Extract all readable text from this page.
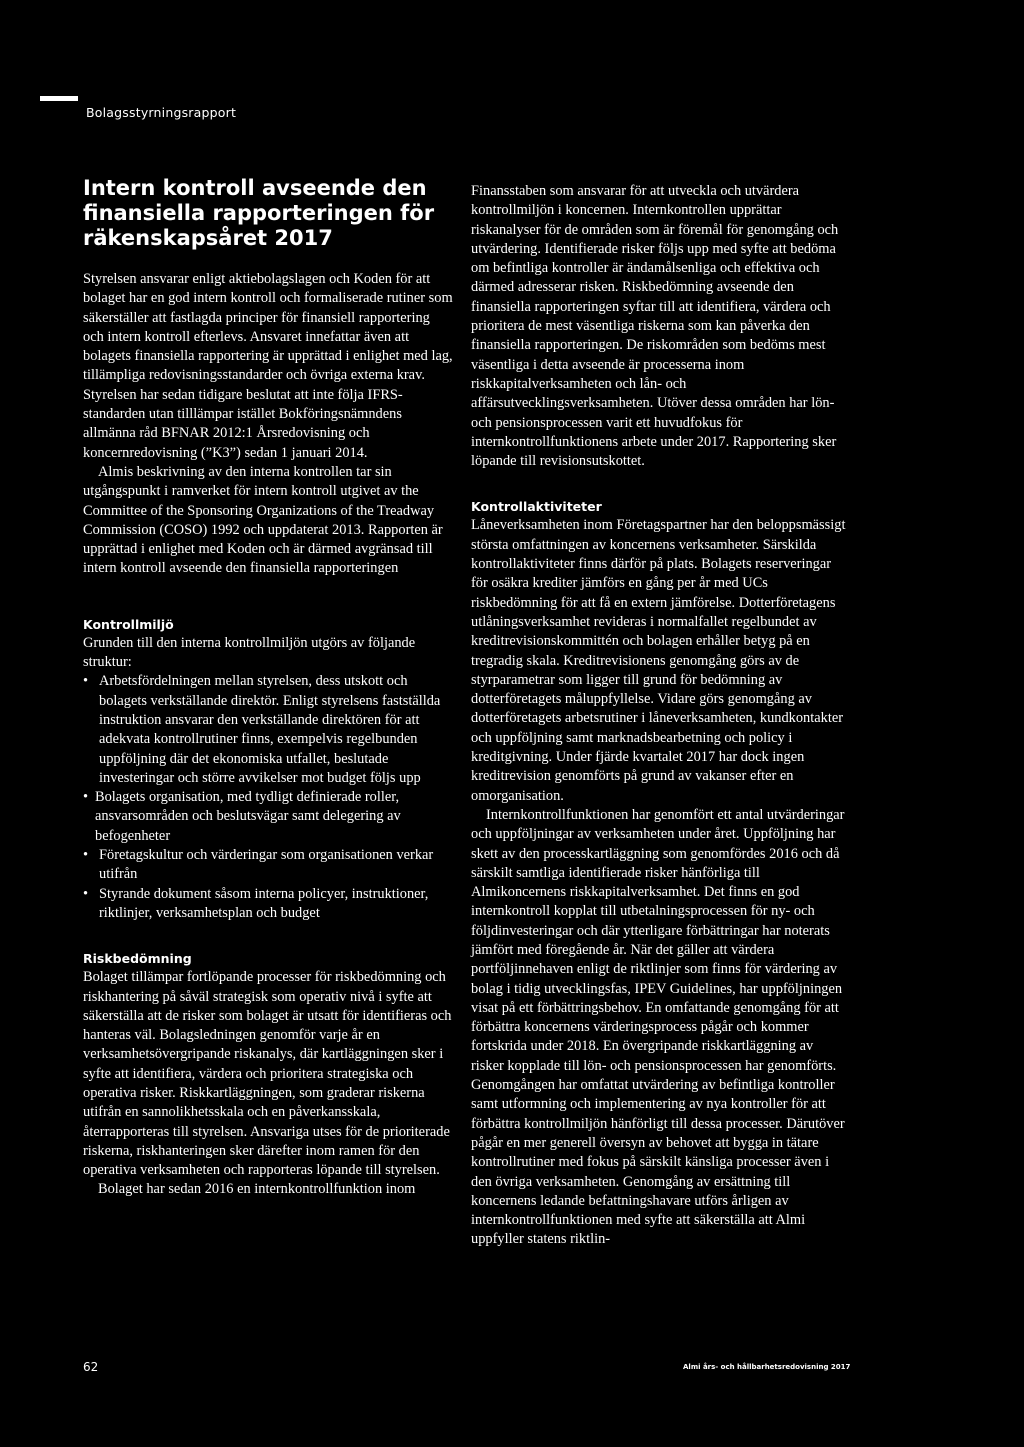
Bolagsstyrningsrapport
Intern kontroll avseende den finansiella rapporteringen för räkenskapsåret 2017

Styrelsen ansvarar enligt aktiebolagslagen och Koden för att bolaget har en god intern kontroll och formaliserade rutiner som säkerställer att fastlagda principer för finansiell rapportering och intern kontroll efterlevs. Ansvaret innefattar även att bolagets finansiella rapportering är upprättad i enlighet med lag, tillämpliga redovisningsstandarder och övriga externa krav. Styrelsen har sedan tidigare beslutat att inte följa IFRS-standarden utan tilllämpar istället Bokföringsnämndens allmänna råd BFNAR 2012:1 Årsredovisning och koncernredovisning (”K3”) sedan 1 januari 2014.

Almis beskrivning av den interna kontrollen tar sin utgångspunkt i ramverket för intern kontroll utgivet av the Committee of the Sponsoring Organizations of the Treadway Commission (COSO) 1992 och uppdaterat 2013. Rapporten är upprättad i enlighet med Koden och är därmed avgränsad till intern kontroll avseende den finansiella rapporteringen

Kontrollmiljö

Grunden till den interna kontrollmiljön utgörs av följande struktur:

• Arbetsfördelningen mellan styrelsen, dess utskott och bolagets verkställande direktör. Enligt styrelsens fastställda instruktion ansvarar den verkställande direktören för att adekvata kontrollrutiner finns, exempelvis regelbunden uppföljning där det ekonomiska utfallet, beslutade investeringar och större avvikelser mot budget följs upp
• Bolagets organisation, med tydligt definierade roller, ansvarsområden och beslutsvägar samt delegering av befogenheter
• Företagskultur och värderingar som organisationen verkar utifrån
• Styrande dokument såsom interna policyer, instruktioner, riktlinjer, verksamhetsplan och budget
Riskbedömning

Bolaget tillämpar fortlöpande processer för riskbedömning och riskhantering på såväl strategisk som operativ nivå i syfte att säkerställa att de risker som bolaget är utsatt för identifieras och hanteras väl. Bolagsledningen genomför varje år en verksamhetsövergripande riskanalys, där kartläggningen sker i syfte att identifiera, värdera och prioritera strategiska och operativa risker. Riskkartläggningen, som graderar riskerna utifrån en sannolikhetsskala och en påverkansskala, återrapporteras till styrelsen. Ansvariga utses för de prioriterade riskerna, riskhanteringen sker därefter inom ramen för den operativa verksamheten och rapporteras löpande till styrelsen.

Bolaget har sedan 2016 en internkontrollfunktion inom

Finansstaben som ansvarar för att utveckla och utvärdera kontrollmiljön i koncernen. Internkontrollen upprättar riskanalyser för de områden som är föremål för genomgång och utvärdering. Identifierade risker följs upp med syfte att bedöma om befintliga kontroller är ändamålsenliga och effektiva och därmed adresserar risken. Riskbedömning avseende den finansiella rapporteringen syftar till att identifiera, värdera och prioritera de mest väsentliga riskerna som kan påverka den finansiella rapporteringen. De riskområden som bedöms mest väsentliga i detta avseende är processerna inom riskkapitalverksamheten och lån- och affärsutvecklingsverksamheten. Utöver dessa områden har lön- och pensionsprocessen varit ett huvudfokus för internkontrollfunktionens arbete under 2017. Rapportering sker löpande till revisionsutskottet.

Kontrollaktiviteter

Låneverksamheten inom Företagspartner har den beloppsmässigt största omfattningen av koncernens verksamheter. Särskilda kontrollaktiviteter finns därför på plats. Bolagets reserveringar för osäkra krediter jämförs en gång per år med UCs riskbedömning för att få en extern jämförelse. Dotterföretagens utlåningsverksamhet revideras i normalfallet regelbundet av kreditrevisionskommittén och bolagen erhåller betyg på en tregradig skala. Kreditrevisionens genomgång görs av de styrparametrar som ligger till grund för bedömning av dotterföretagets måluppfyllelse. Vidare görs genomgång av dotterföretagets arbetsrutiner i låneverksamheten, kundkontakter och uppföljning samt marknadsbearbetning och policy i kreditgivning. Under fjärde kvartalet 2017 har dock ingen kreditrevision genomförts på grund av vakanser efter en omorganisation.

Internkontrollfunktionen har genomfört ett antal utvärderingar och uppföljningar av verksamheten under året. Uppföljning har skett av den processkartläggning som genomfördes 2016 och då särskilt samtliga identifierade risker hänförliga till Almikoncernens riskkapitalverksamhet. Det finns en god internkontroll kopplat till utbetalningsprocessen för ny- och följdinvesteringar och där ytterligare förbättringar har noterats jämfört med föregående år. När det gäller att värdera portföljinnehaven enligt de riktlinjer som finns för värdering av bolag i tidig utvecklingsfas, IPEV Guidelines, har uppföljningen visat på ett förbättringsbehov. En omfattande genomgång för att förbättra koncernens värderingsprocess pågår och kommer fortskrida under 2018. En övergripande riskkartläggning av risker kopplade till lön- och pensionsprocessen har genomförts. Genomgången har omfattat utvärdering av befintliga kontroller samt utformning och implementering av nya kontroller för att förbättra kontrollmiljön hänförligt till dessa processer. Därutöver pågår en mer generell översyn av behovet att bygga in tätare kontrollrutiner med fokus på särskilt känsliga processer även i den övriga verksamheten. Genomgång av ersättning till koncernens ledande befattningshavare utförs årligen av internkontrollfunktionen med syfte att säkerställa att Almi uppfyller statens riktlin-

62	Almi års- och hållbarhetsredovisning 2017
